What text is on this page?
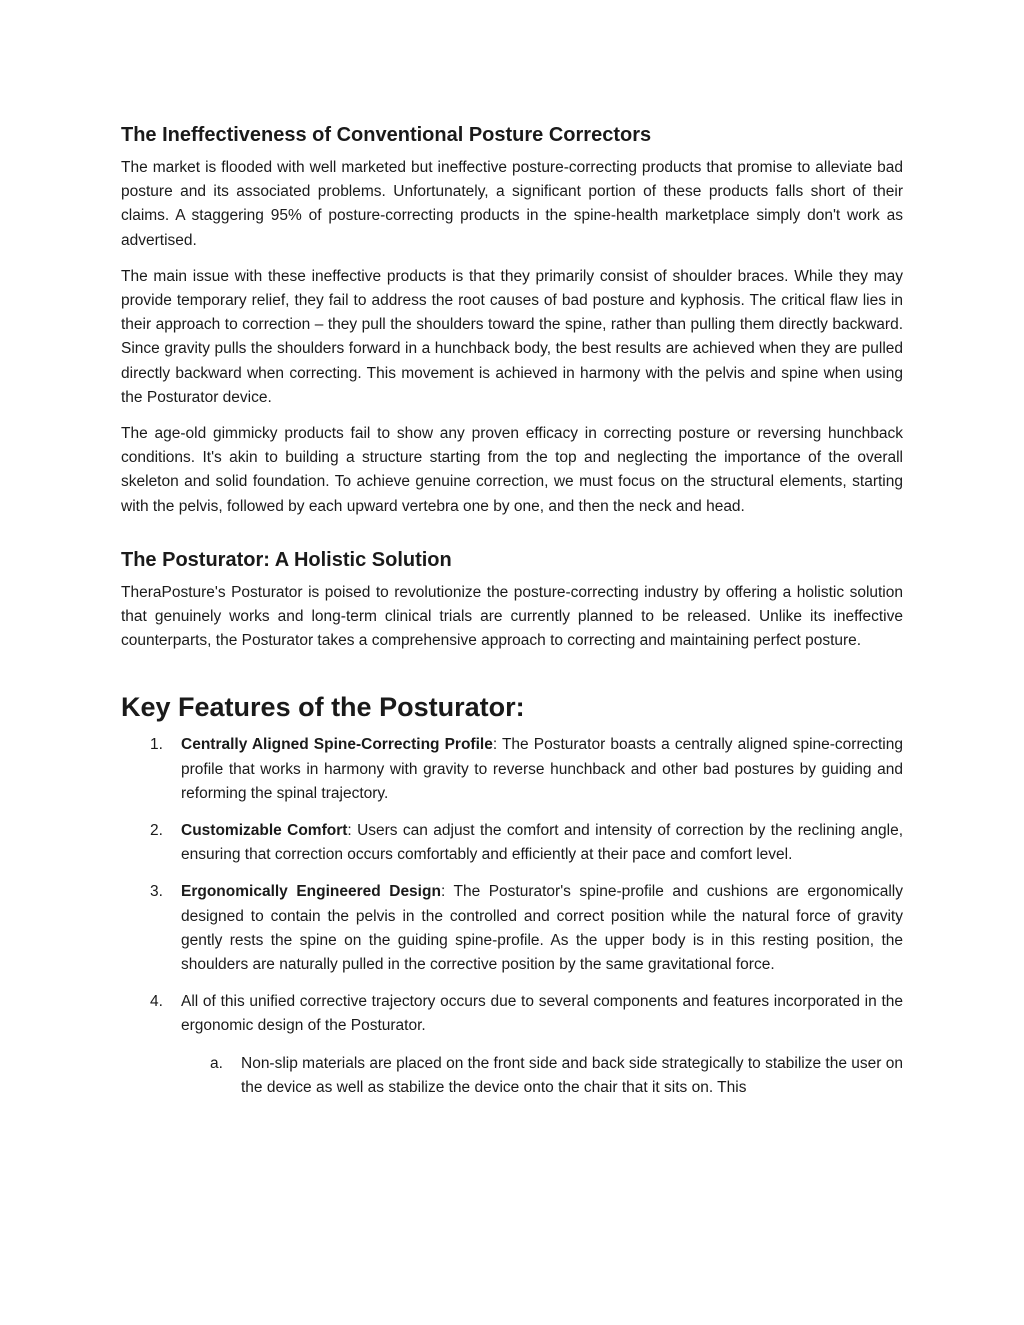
The Ineffectiveness of Conventional Posture Correctors

The market is flooded with well marketed but ineffective posture-correcting products that promise to alleviate bad posture and its associated problems. Unfortunately, a significant portion of these products falls short of their claims. A staggering 95% of posture-correcting products in the spine-health marketplace simply don't work as advertised.

The main issue with these ineffective products is that they primarily consist of shoulder braces. While they may provide temporary relief, they fail to address the root causes of bad posture and kyphosis. The critical flaw lies in their approach to correction – they pull the shoulders toward the spine, rather than pulling them directly backward. Since gravity pulls the shoulders forward in a hunchback body, the best results are achieved when they are pulled directly backward when correcting. This movement is achieved in harmony with the pelvis and spine when using the Posturator device.

The age-old gimmicky products fail to show any proven efficacy in correcting posture or reversing hunchback conditions. It's akin to building a structure starting from the top and neglecting the importance of the overall skeleton and solid foundation. To achieve genuine correction, we must focus on the structural elements, starting with the pelvis, followed by each upward vertebra one by one, and then the neck and head.

The Posturator: A Holistic Solution

TheraPosture's Posturator is poised to revolutionize the posture-correcting industry by offering a holistic solution that genuinely works and long-term clinical trials are currently planned to be released. Unlike its ineffective counterparts, the Posturator takes a comprehensive approach to correcting and maintaining perfect posture.

Key Features of the Posturator:
1. Centrally Aligned Spine-Correcting Profile: The Posturator boasts a centrally aligned spine-correcting profile that works in harmony with gravity to reverse hunchback and other bad postures by guiding and reforming the spinal trajectory.
2. Customizable Comfort: Users can adjust the comfort and intensity of correction by the reclining angle, ensuring that correction occurs comfortably and efficiently at their pace and comfort level.
3. Ergonomically Engineered Design: The Posturator's spine-profile and cushions are ergonomically designed to contain the pelvis in the controlled and correct position while the natural force of gravity gently rests the spine on the guiding spine-profile. As the upper body is in this resting position, the shoulders are naturally pulled in the corrective position by the same gravitational force.
4. All of this unified corrective trajectory occurs due to several components and features incorporated in the ergonomic design of the Posturator.
a. Non-slip materials are placed on the front side and back side strategically to stabilize the user on the device as well as stabilize the device onto the chair that it sits on. This
